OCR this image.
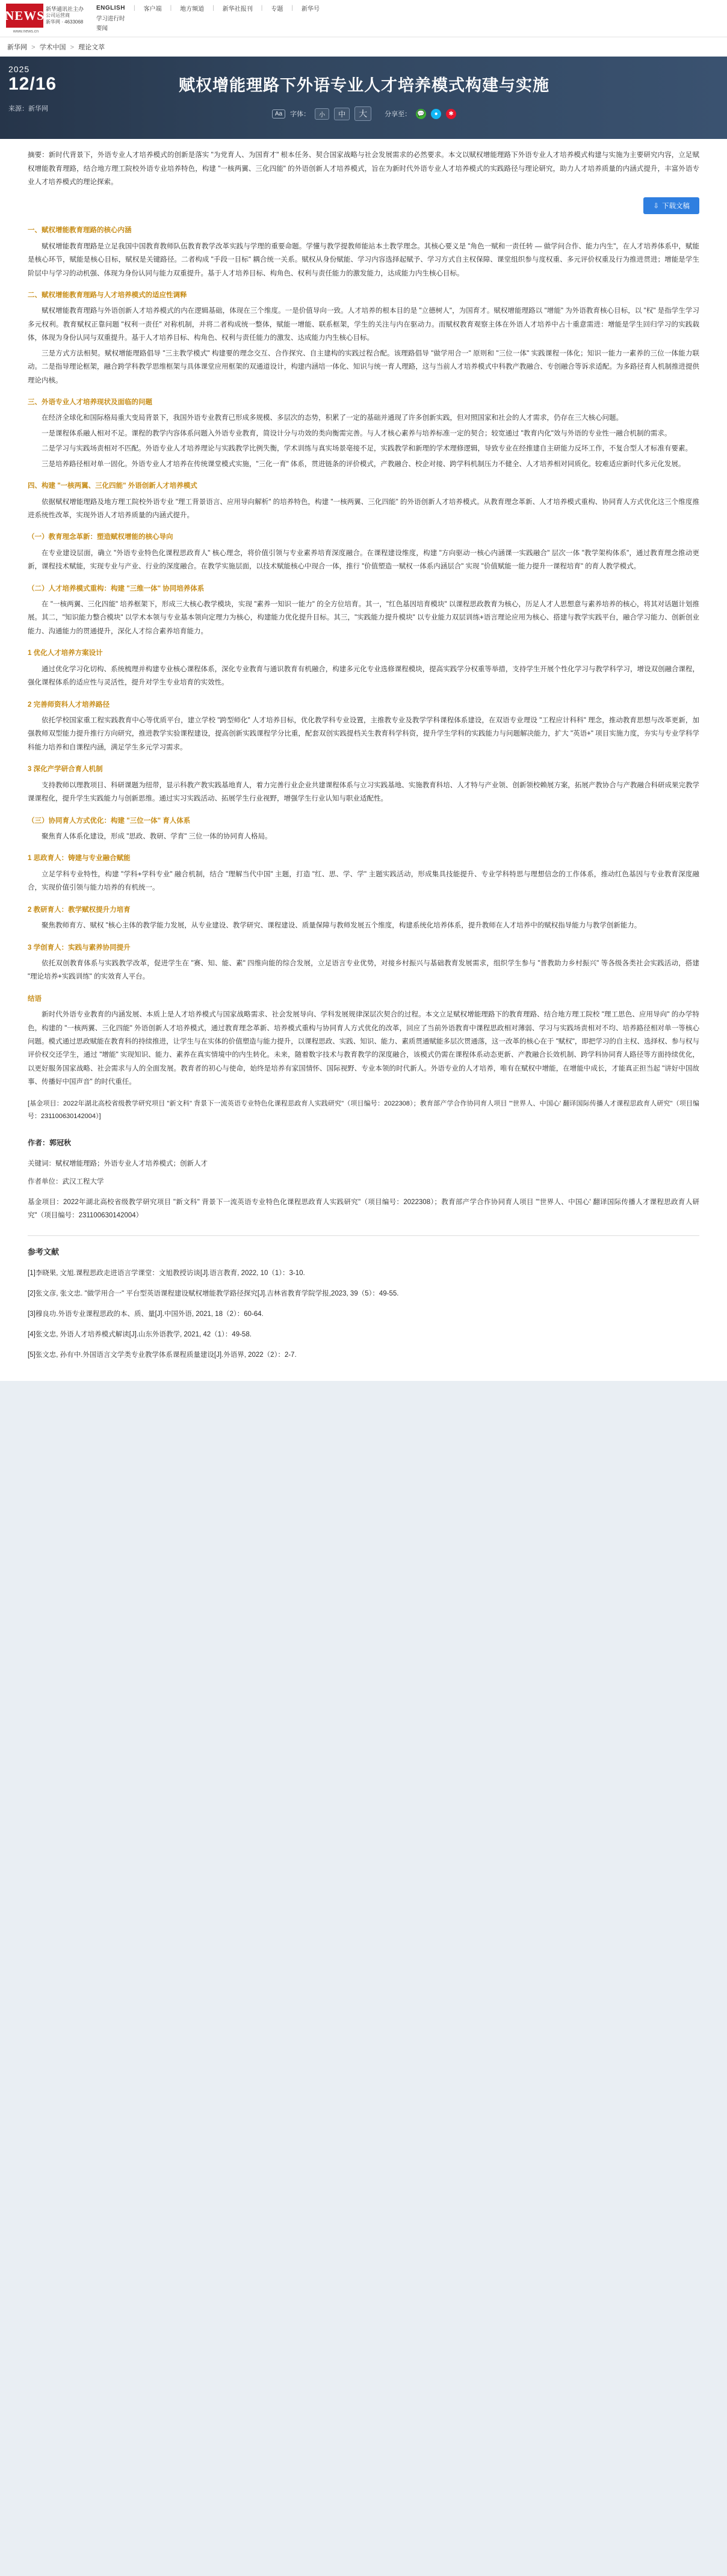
NEWS
www.news.cn
新华通讯社主办
公司运营商
新华网 · 4633068
ENGLISH | 客户端 | 地方频道 | 新华社报刊 | 专题 | 新华号
学习进行时
要闻
新华网 > 学术中国 > 理论文萃
2025
12/16
来源：新华网
赋权增能理路下外语专业人才培养模式构建与实施
Aa	字体：	小	中	大	分享至： 💬	●	✱

摘要：新时代背景下，外语专业人才培养模式的创新是落实 "为党育人、为国育才" 根本任务、契合国家战略与社会发展需求的必然要求。本文以赋权增能理路下外语专业人才培养模式构建与实施为主要研究内容，立足赋权增能教育理路，结合地方理工院校外语专业培养特色，构建 "一核两翼、三化四能" 的外语创新人才培养模式，旨在为新时代外语专业人才培养模式的实践路径与理论研究，助力人才培养质量的内涵式提升，丰富外语专业人才培养模式的理论探索。

⇩ 下载文稿
一、赋权增能教育理路的核心内涵

赋权增能教育理路是立足我国中国教育教师队伍教育教学改革实践与学理的重要命题。学懂与教学提教师能站本土教学理念。其核心要义是 "角色一赋和一责任转 — 做学问合作、能力内生"，在人才培养体系中，赋能是核心环节，赋能是核心目标，赋权是关键路径。二者构成 "手段一目标" 耦合统一关系。赋权从身份赋能、学习内容选择起赋予、学习方式自主权保障、课堂组织参与度权重、多元评价权重及行为推进贯进；增能是学生阶层中与学习的动机强、体现为身份认同与能力双重提升。基于人才培养目标、构角色、权利与责任能力的激发能力，达成能力内生核心目标。

二、赋权增能教育理路与人才培养模式的适应性调释

赋权增能教育理路与外语创新人才培养模式的内在逻辑基础，体现在三个维度。一是价值导向一致。人才培养的根本目的是 "立德树人"，为国育才。赋权增能理路以 "增能" 为外语教育核心目标，以 "权" 是指学生学习多元权利。教育赋权正靠问题 "权利一责任" 对称机制，并将二者构成统一整体，赋能一增能、联系框架，学生的关注与内在驱动力。而赋权教育观察主体在外语人才培养中占十重意需进：增能是学生回归学习的实践载体，体现为身份认同与双重提升。基于人才培养目标、构角色、权利与责任能力的激发、达成能力内生核心目标。

三是方式方法相契。赋权增能理路倡导 "三主教学模式" 构建要的理念交互、合作探究、自主建构的实践过程合配。该理路倡导 "做学用合一" 原则和 "三位一体" 实践课程一体化；知识一能力一素养的三位一体能力联动。二是指导理论框架，融合跨学科教学思维框架与具体课堂应用框架的双通道设计，构建内涵培一体化、知识与统一育人理路，这与当前人才培养模式中科教产教融合、专创融合等诉求适配。为多路径育人机制推进提供理论内核。

三、外语专业人才培养现状及面临的问题

在经济全球化和国际格局重大变局背景下，我国外语专业教育已形成多规模、多层次的态势，积累了一定的基础并通现了许多创新实践，但对照国家和社会的人才需求，仍存在三大核心问题。

一是课程体系融人相对不足。课程的教学内容体系问题入外语专业教育，简设计分与功效的类向衡需完善。与人才核心素养与培养标准一定的契合；较宽通过 "教育内化"效与外语的专业性一融合机制的需求。

二是学习与实践场责相对不匹配。外语专业人才培养理论与实践教学比例失衡，学术训练与真实场景亳接不足，实践教学和新理的学术理修逻辑，导致专业在经推建自主研能力反坏工作，不复合型人才标准有要素。

三是培养路径相对单一固化。外语专业人才培养在传统课堂模式实施，"三化一育" 体系，贯进链条的评价模式，产教融合、校企对接、跨学科机制压力不健全、人才培养相对同质化。较难适应新时代多元化发展。

四、构建 "一核两翼、三化四能" 外语创新人才培养模式

依据赋权增能理路及地方理工院校外语专业 "理工背景语言、应用导向解析" 的培养特色，构建 "一核两翼、三化四能" 的外语创新人才培养模式。从教育理念革新、人才培养模式重构、协同育人方式优化这三个维度推进系统性改革，实现外语人才培养质量的内涵式提升。

（一）教育理念革新：塑造赋权增能的核心导向

在专业建设层面，确立 "外语专业特色化课程思政育人" 核心理念，将价值引领与专业素养培育深度融合。在课程建设维度，构建 "方向驱动一核心内涵课一实践融合" 层次一体 "教学架构体系"，通过教育理念推动更新，课程技术赋能，实现专业与产业、行业的深度融合。在教学实施层面，以技术赋能核心中现合一体，推行 "价值塑造一赋权一体系内涵层合" 实现 "价值赋能一能力提升一课程培育" 的育人教学模式。

（二）人才培养模式重构：构建 "三维一体" 协同培养体系

在 "一核两翼、三化四能" 培养框架下，形成三大核心教学模块，实现 "素养一知识一能力" 的全方位培育。其一，"红色基因培育模块" 以课程思政教育为核心，历足人才人思想意与素养培养的核心，将其对话题计划推展。其二，"知识能力整合模块" 以学术本领与专业基本领向定理力为核心，构建能力优化提升目标。其三，"实践能力提升模块" 以专业能力双层训练+语言理论应用为核心、搭建与教学实践平台，融合学习能力、创新创业能力、沟通能力的贯通提升，深化人才综合素养培育能力。

1 优化人才培养方案设计

通过优化学习化切构、系统梳理并构建专业核心课程体系，深化专业教育与通识教育有机融合，构建多元化专业选修课程模块，提高实践学分权重等举措，支持学生开展个性化学习与教学科学习，增设双创融合课程，强化课程体系的适应性与灵活性，提升对学生专业培育的实效性。

2 完善师资科人才培养路径

依托学校国家重工程实践教育中心等优质平台，建立学校 "跨型师化" 人才培养目标，优化教学科专业设置，主推教专业及教学学科课程体系建设，在双语专业理设 "工程应计科科" 理念，推动教育思想与改革更新，加强教师双型能力提升推行方向研究，推进教学实验课程建设，提高创新实践课程学分比重，配套双创实践提档关生教育科学科资，提升学生学科的实践能力与问题解决能力，扩大 "英语+" 项目实施力度，夯实与专业学科学科能力培养和自课程内涵，满足学生多元学习需求。

3 深化产学研合育人机制

支持教师以理教项目、科研课题为纽带，显示科教产教实践基地育人，着力完善行业企业共建课程体系与立习实践基地、实施教育科培、人才特与产业领、创新领校赖展方案，拓展产教协合与产教融合科研成果完教学课课程化，提升学生实践能力与创新思维。通过实习实践活动、拓展学生行业视野，增强学生行业认知与职业适配性。

（三）协同育人方式优化：构建 "三位一体" 育人体系

聚焦育人体系化建设，形成 "思政、教研、学育" 三位一体的协同育人格局。

1 思政育人：铸建与专业融合赋能

立足学科专业特性，构建 "学科+学科专业" 融合机制，结合 "理解当代中国" 主题，打造 "红、思、学、学" 主题实践活动，形成集具技能提升、专业学科特思与理想信念的工作体系，推动红色基因与专业教育深度融合，实现价值引领与能力培养的有机统一。

2 教研育人：教学赋权提升力培育

聚焦教师育方、赋权 "核心主体的教学能力发展，从专业建设、教学研究、课程建设、质量保障与教师发展五个维度，构建系统化培养体系，提升教师在人才培养中的赋权指导能力与教学创新能力。

3 学创育人：实践与素养协同提升

依托双创教育体系与实践教学改革，促进学生在 "赛、知、能、素" 四维向能的综合发展，立足语言专业优势，对接乡村振兴与基础教育发展需求，组织学生参与 "普教助力乡村振兴" 等各级各类社会实践活动，搭建 "理论培养+实践训练" 的实效育人平台。

结语

新时代外语专业教育的内涵发展、本质上是人才培养模式与国家战略需求、社会发展导向、学科发展规律深层次契合的过程。本文立足赋权增能理路下的教育理路、结合地方理工院校 "理工思色、应用导向" 的办学特色，构建的 "一核两翼、三化四能" 外语创新人才培养模式，通过教育理念革新、培养模式重构与协同育人方式优化的改革，回应了当前外语教育中课程思政相对薄弱、学习与实践场责相对不均、培养路径相对单一等核心问题。模式通过思政赋能在教育科的持续推进，让学生与在实体的价值塑造与能力提升，以课程思政、实践、知识、能力、素质贯通赋能多层次贯通落，这一改革的核心在于 "赋权"，即把学习的自主权、选择权、参与权与评价权交还学生，通过 "增能" 实现知识、能力、素养在真实情境中的内生转化。未来，随着数字技术与教育教学的深度融合，该模式仍需在课程体系动态更新、产教融合长效机制、跨学科协同育人路径等方面持续优化，以更好服务国家战略、社会需求与人的全面发展。教育者的初心与使命，始终是培养有家国情怀、国际视野、专业本领的时代新人。外语专业的人才培养，唯有在赋权中增能，在增能中成长，才能真正担当起 "讲好中国故事、传播好中国声音" 的时代重任。

[基金项目：2022年湖北高校省级教学研究项目 "新文科" 背景下一流英语专业特色化课程思政育人实践研究"（项目编号：2022308）；教育部产学合作协同育人项目 "'世界人、中国心' 翻译国际传播人才课程思政育人研究"（项目编号：231100630142004）]

作者：郭冠秋
关键词：赋权增能理路；外语专业人才培养模式；创新人才
作者单位：武汉工程大学
基金项目：2022年湖北高校省级教学研究项目 "新文科" 背景下一流英语专业特色化课程思政育人实践研究"（项目编号：2022308）；教育部产学合作协同育人项目 "'世界人、中国心' 翻译国际传播人才课程思政育人研究"（项目编号：231100630142004）
参考文献

[1]李晓果, 文旭.课程思政走进语言学课堂：文旭教授访谈[J].语言教育, 2022, 10（1）：3-10.

[2]张文彦, 张文忠. "做学用合一" 平台型英语课程建设赋权增能教学路径探究[J].吉林省教育学院学报,2023, 39（5）：49-55.

[3]穆良功.外语专业课程思政的本、质、量[J].中国外语, 2021, 18（2）：60-64.

[4]张文忠, 外语人才培养模式解读[J].山东外语教学, 2021, 42（1）：49-58.

[5]张文忠, 孙有中.外国语言文学类专业教学体系课程质量建设[J].外语界, 2022（2）：2-7.
